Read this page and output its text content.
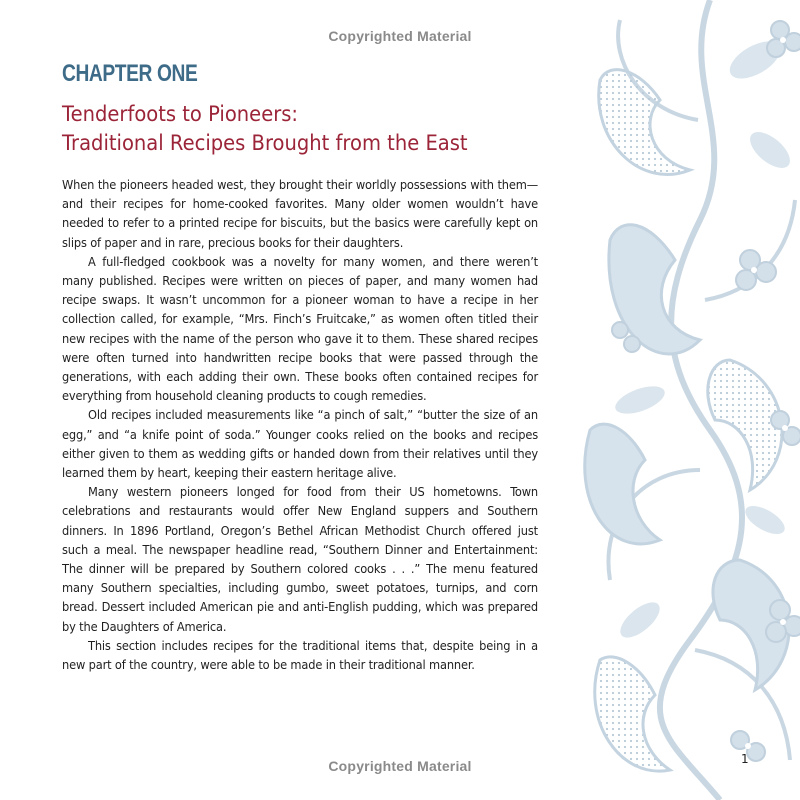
Copyrighted Material
CHAPTER ONE
Tenderfoots to Pioneers:
Traditional Recipes Brought from the East

When the pioneers headed west, they brought their worldly possessions with them—and their recipes for home-cooked favorites. Many older women wouldn’t have needed to refer to a printed recipe for biscuits, but the basics were carefully kept on slips of paper and in rare, precious books for their daughters.

A full-fledged cookbook was a novelty for many women, and there weren’t many published. Recipes were written on pieces of paper, and many women had recipe swaps. It wasn’t uncommon for a pioneer woman to have a recipe in her collection called, for example, “Mrs. Finch’s Fruitcake,” as women often titled their new recipes with the name of the person who gave it to them. These shared recipes were often turned into handwritten recipe books that were passed through the generations, with each adding their own. These books often contained recipes for everything from household cleaning products to cough remedies.

Old recipes included measurements like “a pinch of salt,” “butter the size of an egg,” and “a knife point of soda.” Younger cooks relied on the books and recipes either given to them as wedding gifts or handed down from their relatives until they learned them by heart, keeping their eastern heritage alive.

Many western pioneers longed for food from their US hometowns. Town celebrations and restaurants would offer New England suppers and Southern dinners. In 1896 Portland, Oregon’s Bethel African Methodist Church offered just such a meal. The newspaper headline read, “Southern Dinner and Entertainment: The dinner will be prepared by Southern colored cooks . . .” The menu featured many Southern specialties, including gumbo, sweet potatoes, turnips, and corn bread. Dessert included American pie and anti-English pudding, which was prepared by the Daughters of America.

This section includes recipes for the traditional items that, despite being in a new part of the country, were able to be made in their traditional manner.

1
Copyrighted Material
